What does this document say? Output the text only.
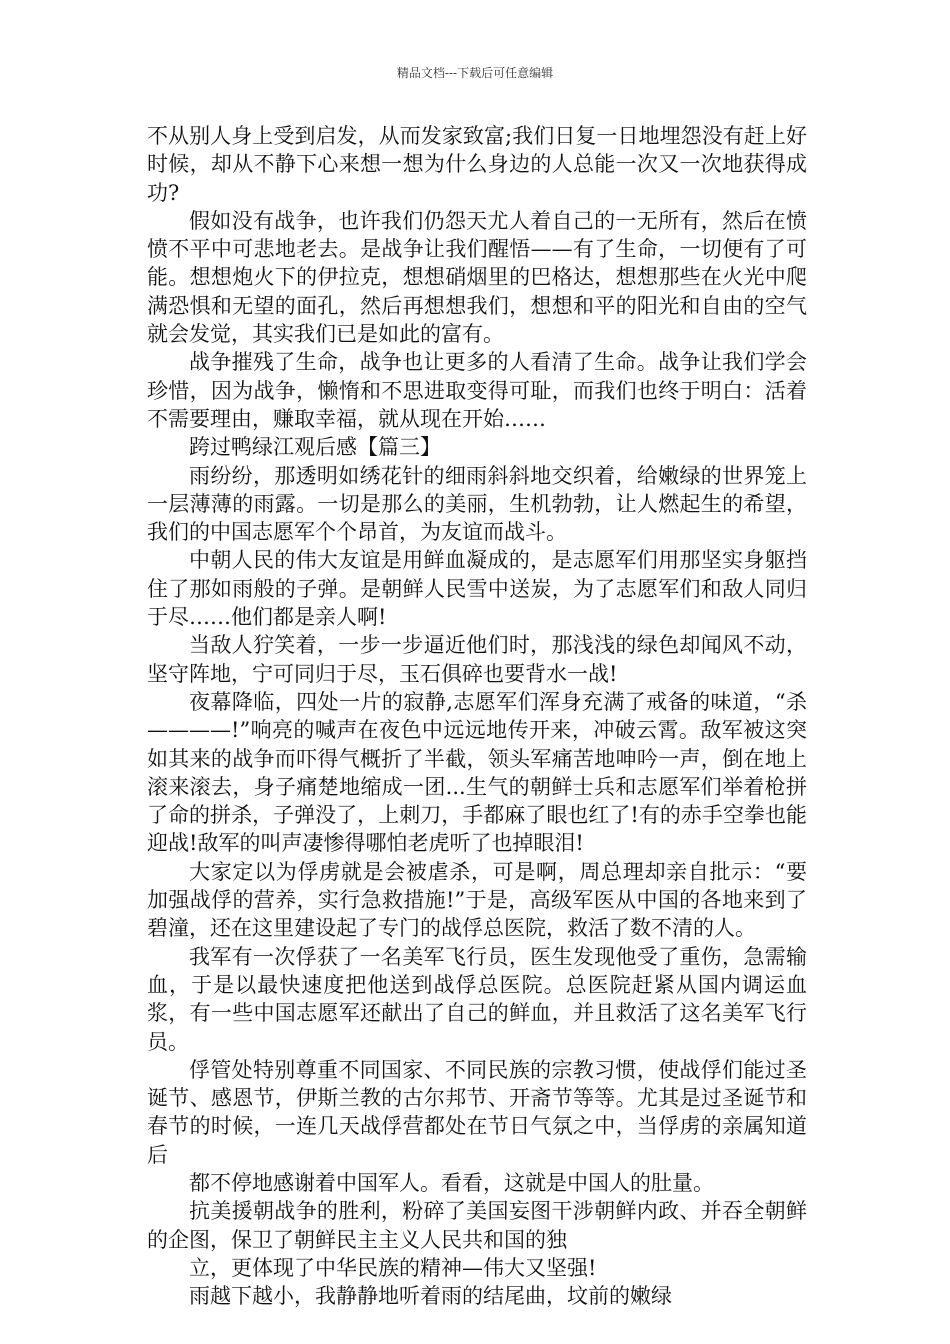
精品文档---下载后可任意编辑

不从别人身上受到启发，从而发家致富;我们日复一日地埋怨没有赶上好时候，却从不静下心来想一想为什么身边的人总能一次又一次地获得成功?

假如没有战争，也许我们仍怨天尤人着自己的一无所有，然后在愤愤不平中可悲地老去。是战争让我们醒悟——有了生命，一切便有了可能。想想炮火下的伊拉克，想想硝烟里的巴格达，想想那些在火光中爬满恐惧和无望的面孔，然后再想想我们，想想和平的阳光和自由的空气就会发觉，其实我们已是如此的富有。

战争摧残了生命，战争也让更多的人看清了生命。战争让我们学会珍惜，因为战争，懒惰和不思进取变得可耻，而我们也终于明白：活着不需要理由，赚取幸福，就从现在开始……

跨过鸭绿江观后感【篇三】

雨纷纷，那透明如绣花针的细雨斜斜地交织着，给嫩绿的世界笼上一层薄薄的雨露。一切是那么的美丽，生机勃勃，让人燃起生的希望，我们的中国志愿军个个昂首，为友谊而战斗。

中朝人民的伟大友谊是用鲜血凝成的，是志愿军们用那坚实身躯挡住了那如雨般的子弹。是朝鲜人民雪中送炭，为了志愿军们和敌人同归于尽……他们都是亲人啊!

当敌人狞笑着，一步一步逼近他们时，那浅浅的绿色却闻风不动，坚守阵地，宁可同归于尽，玉石俱碎也要背水一战!

夜幕降临，四处一片的寂静,志愿军们浑身充满了戒备的味道，“杀————!”响亮的喊声在夜色中远远地传开来，冲破云霄。敌军被这突如其来的战争而吓得气概折了半截，领头军痛苦地呻吟一声，倒在地上滚来滚去，身子痛楚地缩成一团...生气的朝鲜士兵和志愿军们举着枪拼了命的拼杀，子弹没了，上刺刀，手都麻了眼也红了!有的赤手空拳也能迎战!敌军的叫声凄惨得哪怕老虎听了也掉眼泪!

大家定以为俘虏就是会被虐杀，可是啊，周总理却亲自批示：“要加强战俘的营养，实行急救措施!”于是，高级军医从中国的各地来到了碧潼，还在这里建设起了专门的战俘总医院，救活了数不清的人。

我军有一次俘获了一名美军飞行员，医生发现他受了重伤，急需输血，于是以最快速度把他送到战俘总医院。总医院赶紧从国内调运血浆，有一些中国志愿军还献出了自己的鲜血，并且救活了这名美军飞行员。

俘管处特别尊重不同国家、不同民族的宗教习惯，使战俘们能过圣诞节、感恩节，伊斯兰教的古尔邦节、开斋节等等。尤其是过圣诞节和春节的时候，一连几天战俘营都处在节日气氛之中，当俘虏的亲属知道后

都不停地感谢着中国军人。看看，这就是中国人的肚量。

抗美援朝战争的胜利，粉碎了美国妄图干涉朝鲜内政、并吞全朝鲜的企图，保卫了朝鲜民主主义人民共和国的独

立，更体现了中华民族的精神—伟大又坚强!

雨越下越小，我静静地听着雨的结尾曲，坟前的嫩绿
